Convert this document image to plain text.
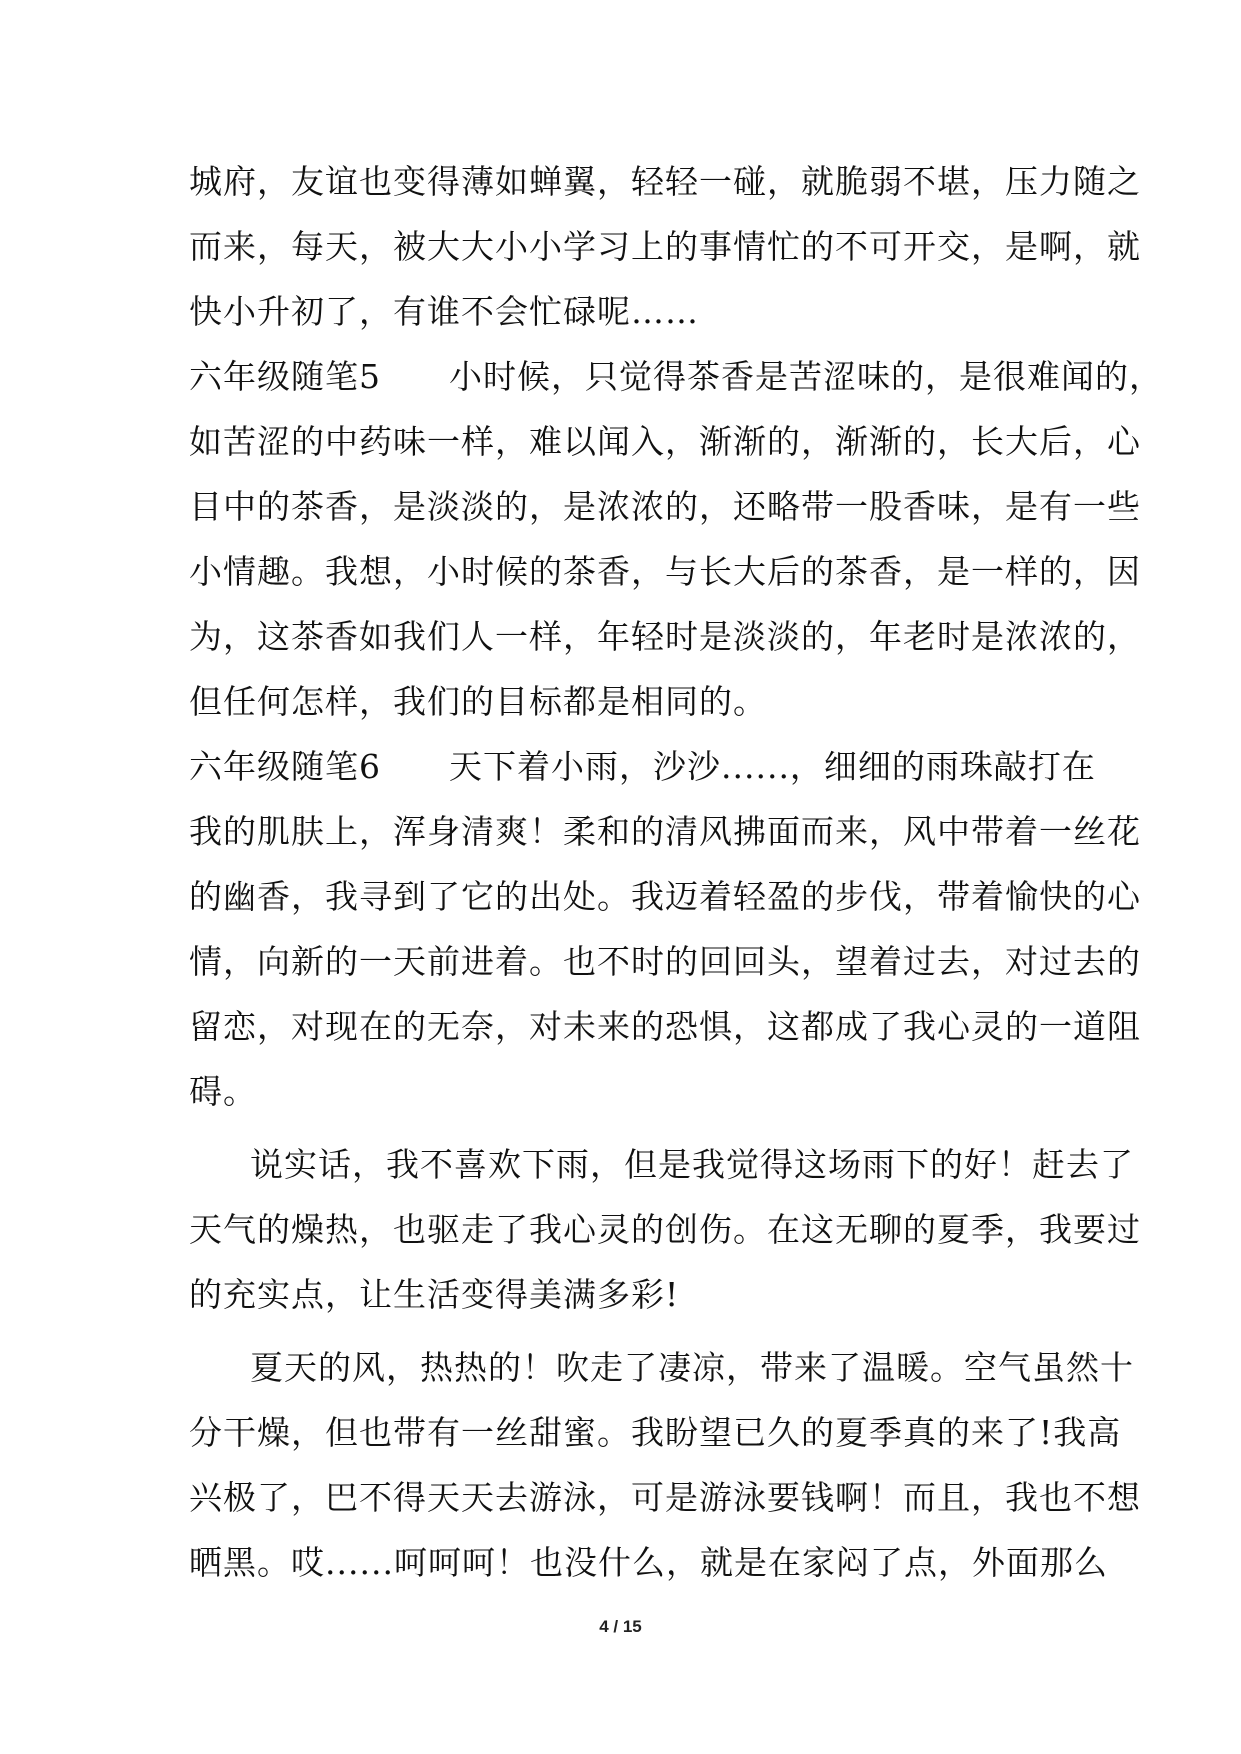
城府，友谊也变得薄如蝉翼，轻轻一碰，就脆弱不堪，压力随之
而来，每天，被大大小小学习上的事情忙的不可开交，是啊，就
快小升初了，有谁不会忙碌呢……
六年级随笔5　　小时候，只觉得茶香是苦涩味的，是很难闻的，
如苦涩的中药味一样，难以闻入，渐渐的，渐渐的，长大后，心
目中的茶香，是淡淡的，是浓浓的，还略带一股香味，是有一些
小情趣。我想，小时候的茶香，与长大后的茶香，是一样的，因
为，这茶香如我们人一样，年轻时是淡淡的，年老时是浓浓的，
但任何怎样，我们的目标都是相同的。
六年级随笔6　　天下着小雨，沙沙......，细细的雨珠敲打在
我的肌肤上，浑身清爽！柔和的清风拂面而来，风中带着一丝花
的幽香，我寻到了它的出处。我迈着轻盈的步伐，带着愉快的心
情，向新的一天前进着。也不时的回回头，望着过去，对过去的
留恋，对现在的无奈，对未来的恐惧，这都成了我心灵的一道阻
碍。
说实话，我不喜欢下雨，但是我觉得这场雨下的好！赶去了
天气的燥热，也驱走了我心灵的创伤。在这无聊的夏季，我要过
的充实点，让生活变得美满多彩!
夏天的风，热热的！吹走了凄凉，带来了温暖。空气虽然十
分干燥，但也带有一丝甜蜜。我盼望已久的夏季真的来了!我高
兴极了，巴不得天天去游泳，可是游泳要钱啊！而且，我也不想
晒黑。哎......呵呵呵！也没什么，就是在家闷了点，外面那么
4 / 15
